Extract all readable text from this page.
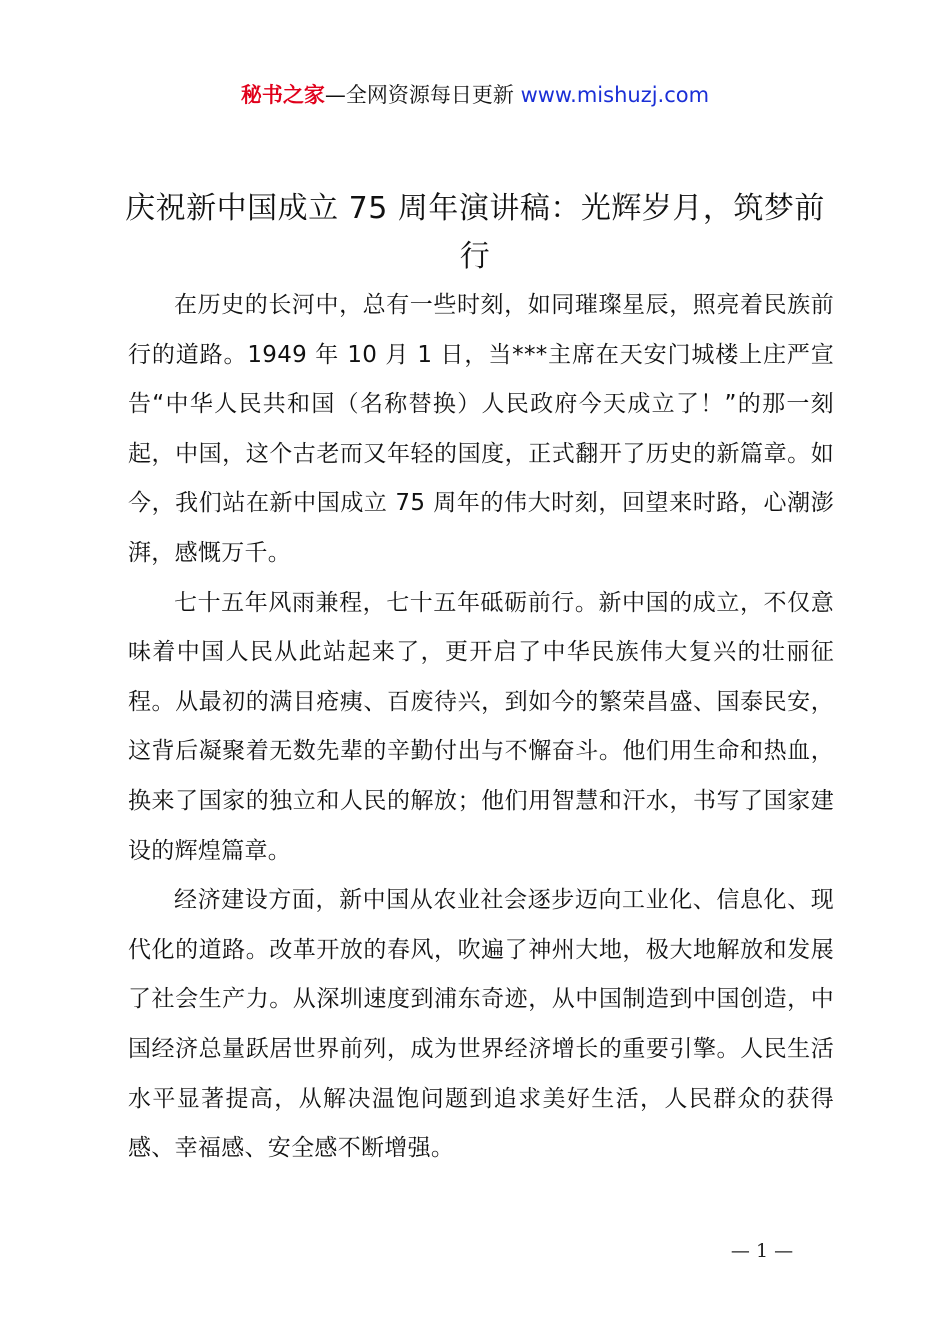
秘书之家—全网资源每日更新 www.mishuzj.com
庆祝新中国成立 75 周年演讲稿：光辉岁月，筑梦前行

在历史的长河中，总有一些时刻，如同璀璨星辰，照亮着民族前行的道路。1949 年 10 月 1 日，当***主席在天安门城楼上庄严宣告“中华人民共和国（名称替换）人民政府今天成立了！”的那一刻起，中国，这个古老而又年轻的国度，正式翻开了历史的新篇章。如今，我们站在新中国成立 75 周年的伟大时刻，回望来时路，心潮澎湃，感慨万千。

七十五年风雨兼程，七十五年砥砺前行。新中国的成立，不仅意味着中国人民从此站起来了，更开启了中华民族伟大复兴的壮丽征程。从最初的满目疮痍、百废待兴，到如今的繁荣昌盛、国泰民安，这背后凝聚着无数先辈的辛勤付出与不懈奋斗。他们用生命和热血，换来了国家的独立和人民的解放；他们用智慧和汗水，书写了国家建设的辉煌篇章。

经济建设方面，新中国从农业社会逐步迈向工业化、信息化、现代化的道路。改革开放的春风，吹遍了神州大地，极大地解放和发展了社会生产力。从深圳速度到浦东奇迹，从中国制造到中国创造，中国经济总量跃居世界前列，成为世界经济增长的重要引擎。人民生活水平显著提高，从解决温饱问题到追求美好生活，人民群众的获得感、幸福感、安全感不断增强。

— 1 —
